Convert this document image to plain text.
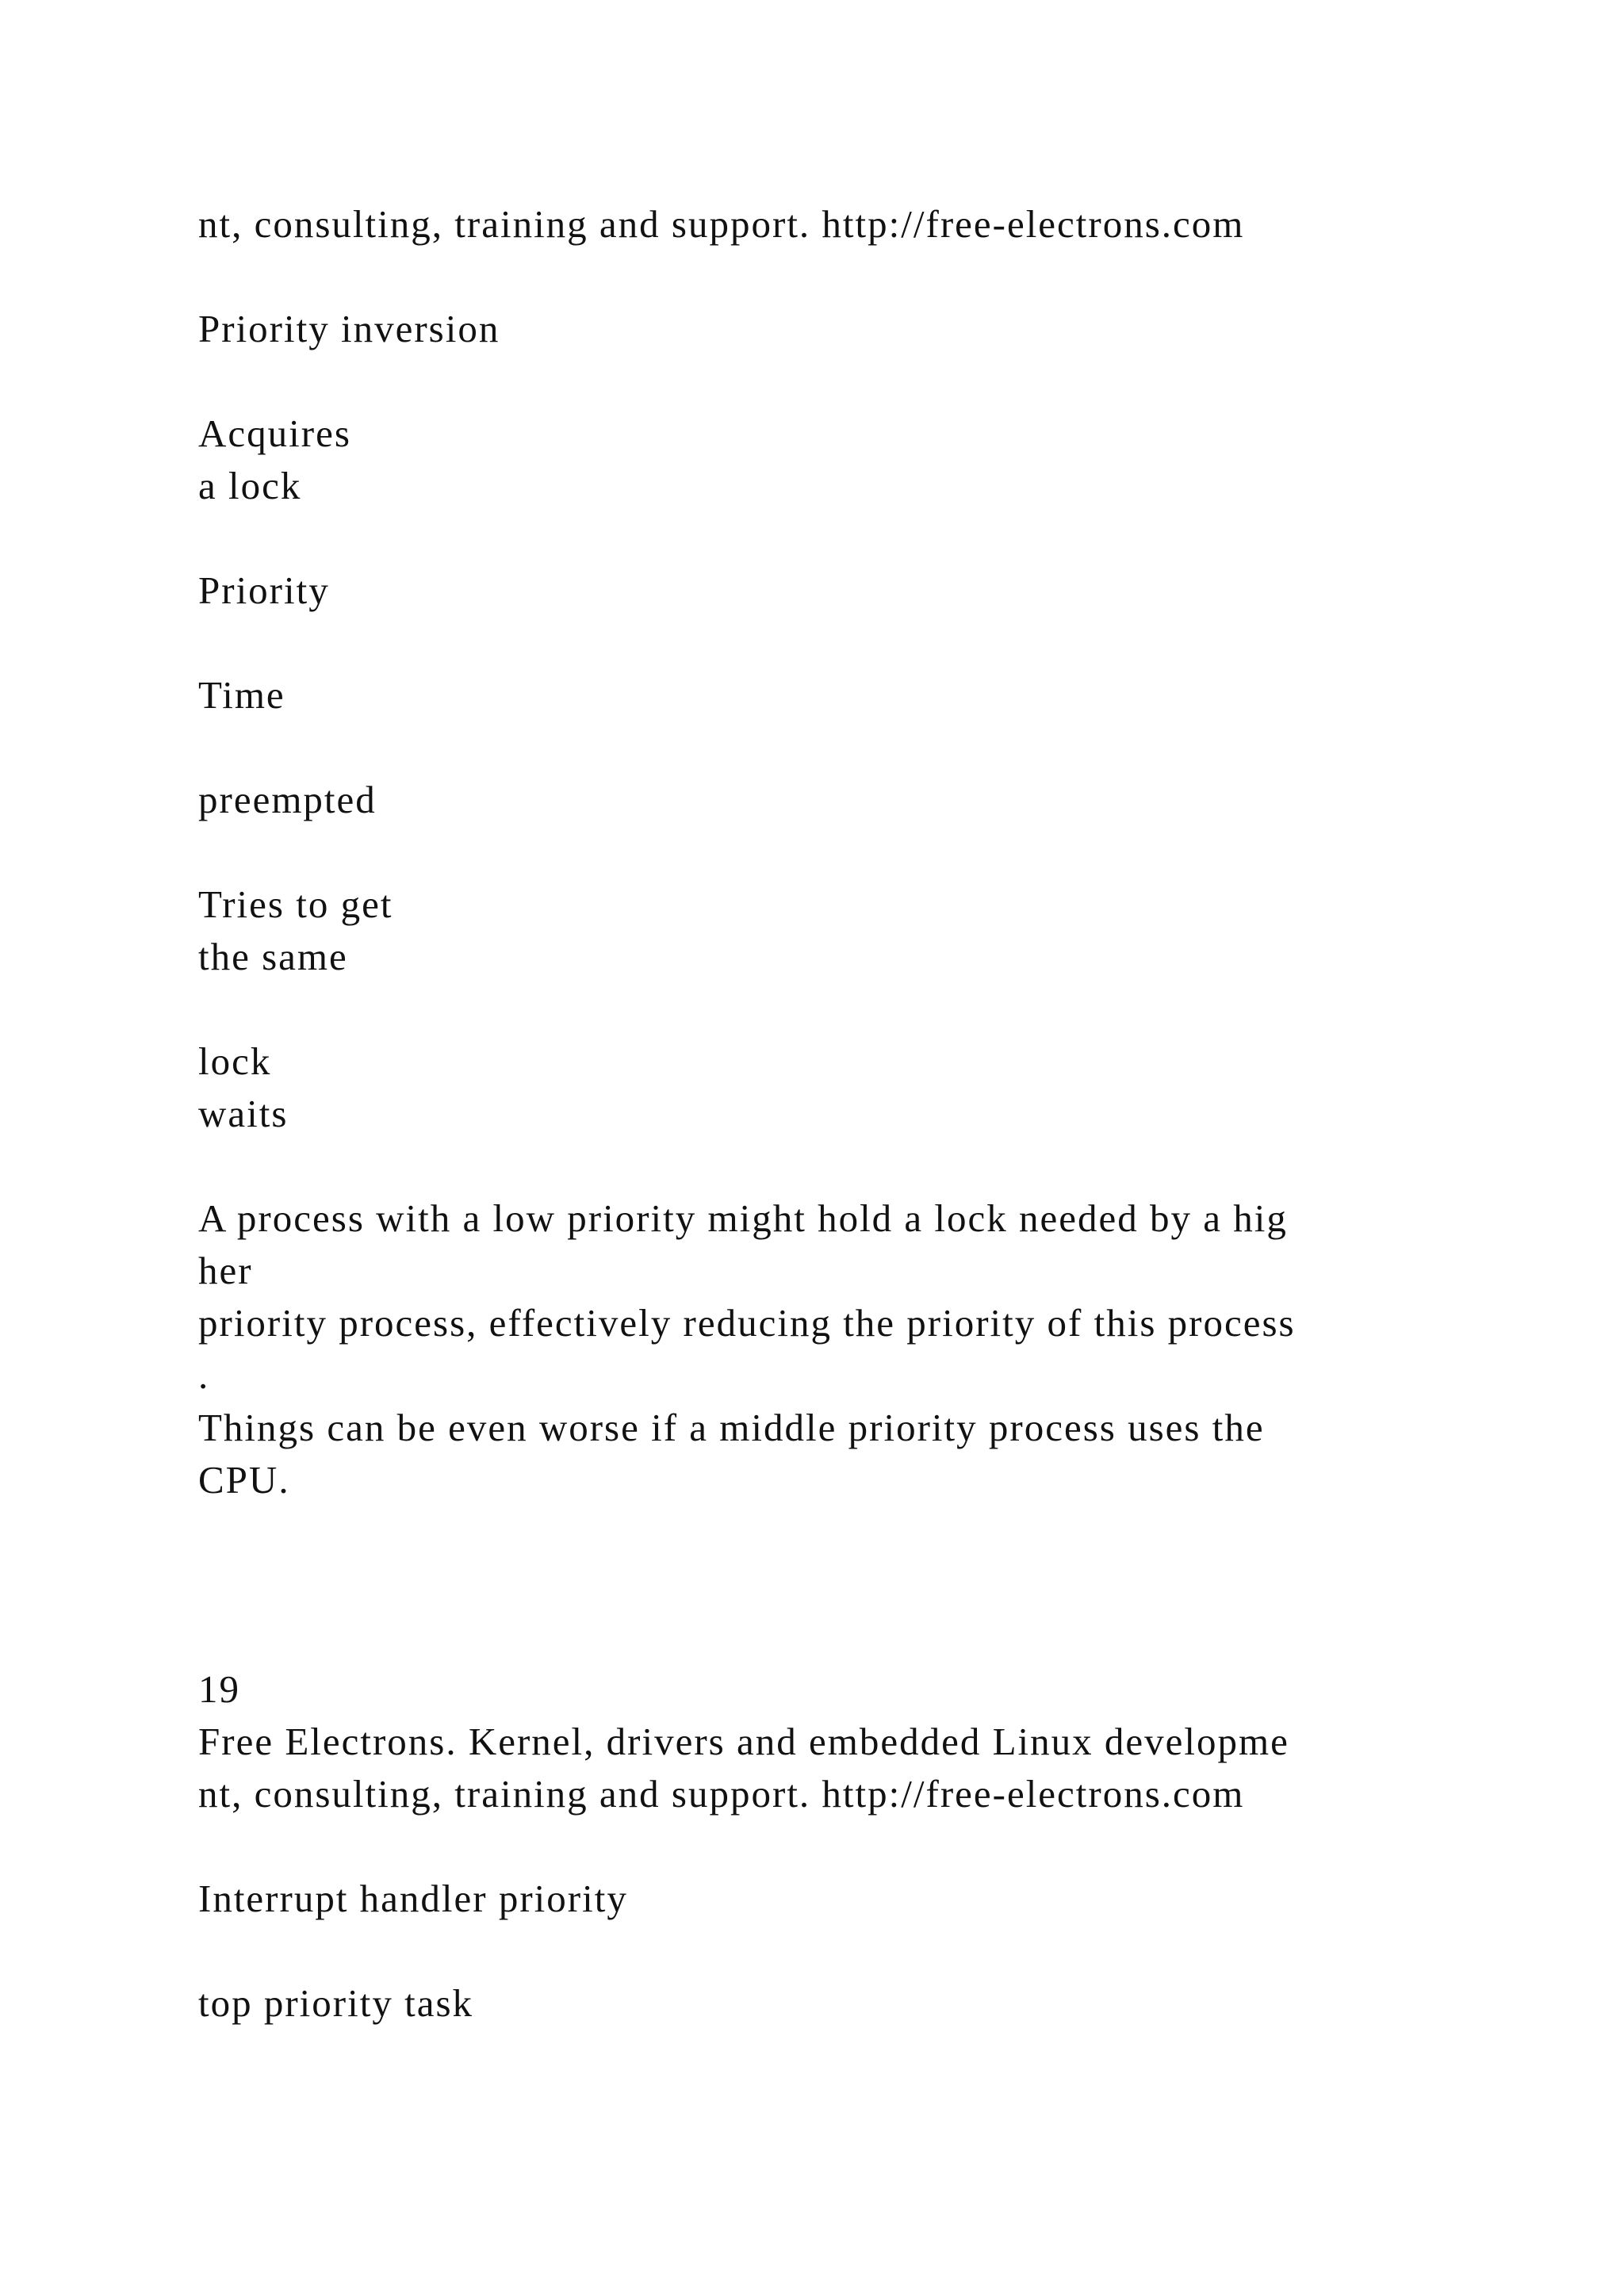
nt, consulting, training and support. http://free-electrons.com
Priority inversion
Acquires
a lock
Priority
Time
preempted
Tries to get
the same
lock
waits
A process with a low priority might hold a lock needed by a hig
her
priority process, effectively reducing the priority of this process
.
Things can be even worse if a middle priority process uses the
CPU.
19
Free Electrons. Kernel, drivers and embedded Linux developme
nt, consulting, training and support. http://free-electrons.com
Interrupt handler priority
top priority task
